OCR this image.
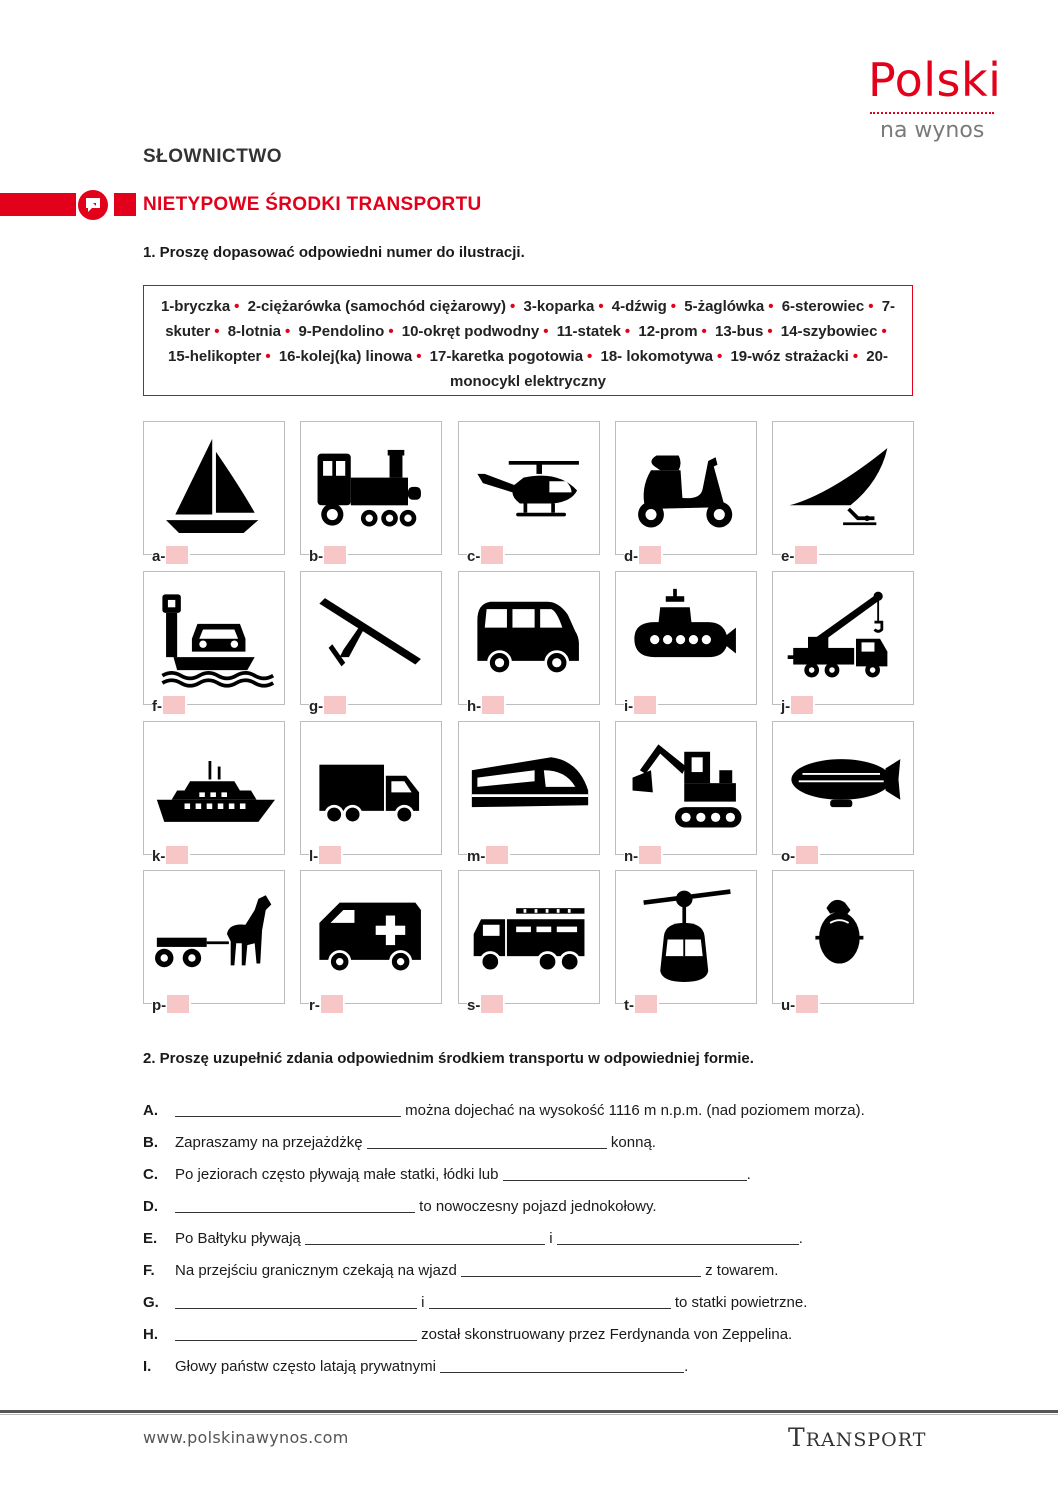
Polski
na wynos
SŁOWNICTWO
NIETYPOWE ŚRODKI TRANSPORTU
1. Proszę dopasować odpowiedni numer do ilustracji.
1-bryczka • 2-ciężarówka (samochód ciężarowy) • 3-koparka • 4-dźwig • 5-żaglówka • 6-sterowiec • 7-skuter • 8-lotnia • 9-Pendolino • 10-okręt podwodny • 11-statek • 12-prom • 13-bus • 14-szybowiec • 15-helikopter • 16-kolej(ka) linowa • 17-karetka pogotowia • 18- lokomotywa • 19-wóz strażacki • 20-monocykl elektryczny
a-	b-	c-	d-	e-
f-	g-	h-	i-	j-
k-	l-	m-	n-	o-
p-	r-	s-	t-	u-
2. Proszę uzupełnić zdania odpowiednim środkiem transportu w odpowiedniej formie.
A.	można dojechać na wysokość 1116 m n.p.m. (nad poziomem morza).
B. Zapraszamy na przejażdżkę	konną.
C. Po jeziorach często pływają małe statki, łódki lub	.
D.	to nowoczesny pojazd jednokołowy.
E. Po Bałtyku pływają	i	.
F. Na przejściu granicznym czekają na wjazd	z towarem.
G.	i	to statki powietrzne.
H.	został skonstruowany przez Ferdynanda von Zeppelina.
I. Głowy państw często latają prywatnymi	.
www.polskinawynos.com	TRANSPORT
